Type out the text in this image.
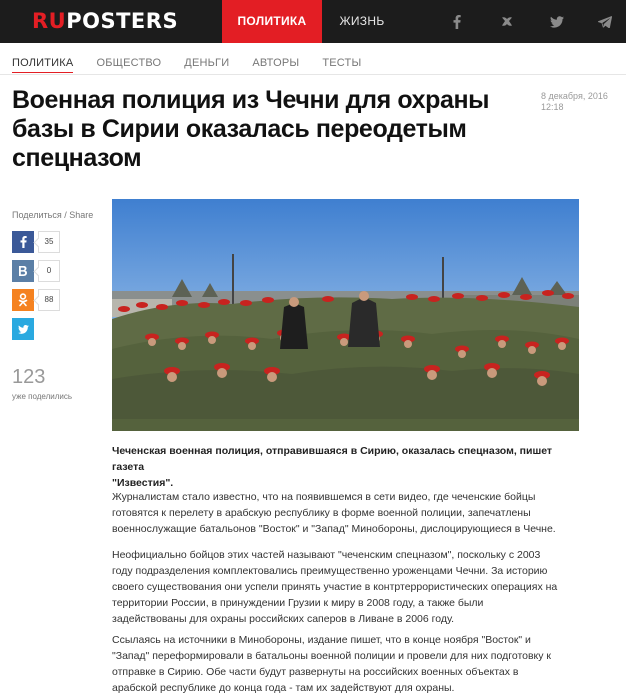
RUPOSTERS	ПОЛИТИКА	ЖИЗНЬ
ПОЛИТИКА ОБЩЕСТВО ДЕНЬГИ АВТОРЫ ТЕСТЫ
Военная полиция из Чечни для охраны
базы в Сирии оказалась переодетым
спецназом
8 декабря, 2016
12:18
Поделиться / Share
35
0
88
123
уже поделились
Чеченская военная полиция, отправившаяся в Сирию, оказалась спецназом, пишет газета
"Известия".
Журналистам стало известно, что на появившемся в сети видео, где чеченские бойцы
готовятся к перелету в арабскую республику в форме военной полиции, запечатлены
военнослужащие батальонов "Восток" и "Запад" Минобороны, дислоцирующиеся в Чечне.
Неофициально бойцов этих частей называют "чеченским спецназом", поскольку с 2003
году подразделения комплектовались преимущественно уроженцами Чечни. За историю
своего существования они успели принять участие в контртеррористических операциях на
территории России, в принуждении Грузии к миру в 2008 году, а также были
задействованы для охраны российских саперов в Ливане в 2006 году.
Ссылаясь на источники в Минобороны, издание пишет, что в конце ноября "Восток" и
"Запад" переформировали в батальоны военной полиции и провели для них подготовку к
отправке в Сирию. Обе части будут развернуты на российских военных объектах в
арабской республике до конца года - там их задействуют для охраны.
